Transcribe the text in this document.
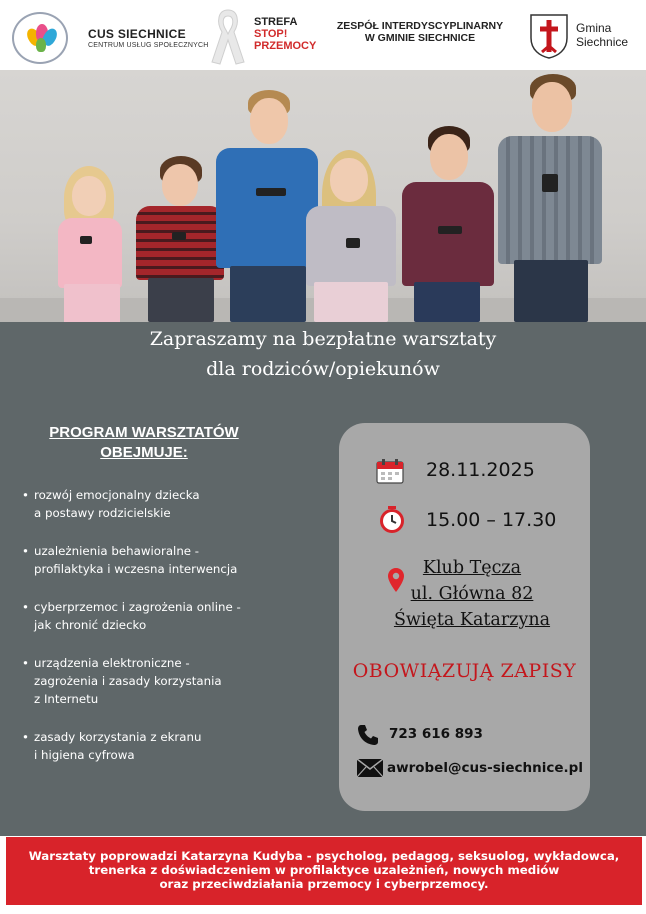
CUS SIECHNICE
CENTRUM USŁUG SPOŁECZNYCH
STREFA
STOP!
PRZEMOCY
ZESPÓŁ INTERDYSCYPLINARNY
W GMINIE SIECHNICE
Gmina
Siechnice
Zapraszamy na bezpłatne warsztaty
dla rodziców/opiekunów
PROGRAM WARSZTATÓW
OBEJMUJE:
• rozwój emocjonalny dziecka
a postawy rodzicielskie
• uzależnienia behawioralne -
profilaktyka i wczesna interwencja
• cyberprzemoc i zagrożenia online -
jak chronić dziecko
• urządzenia elektroniczne -
zagrożenia i zasady korzystania
z Internetu
• zasady korzystania z ekranu
i higiena cyfrowa
28.11.2025
15.00 – 17.30
Klub Tęcza
ul. Główna 82
Święta Katarzyna
OBOWIĄZUJĄ ZAPISY
723 616 893
awrobel@cus-siechnice.pl
Warsztaty poprowadzi Katarzyna Kudyba - psycholog, pedagog, seksuolog, wykładowca,
trenerka z doświadczeniem w profilaktyce uzależnień, nowych mediów
oraz przeciwdziałania przemocy i cyberprzemocy.
